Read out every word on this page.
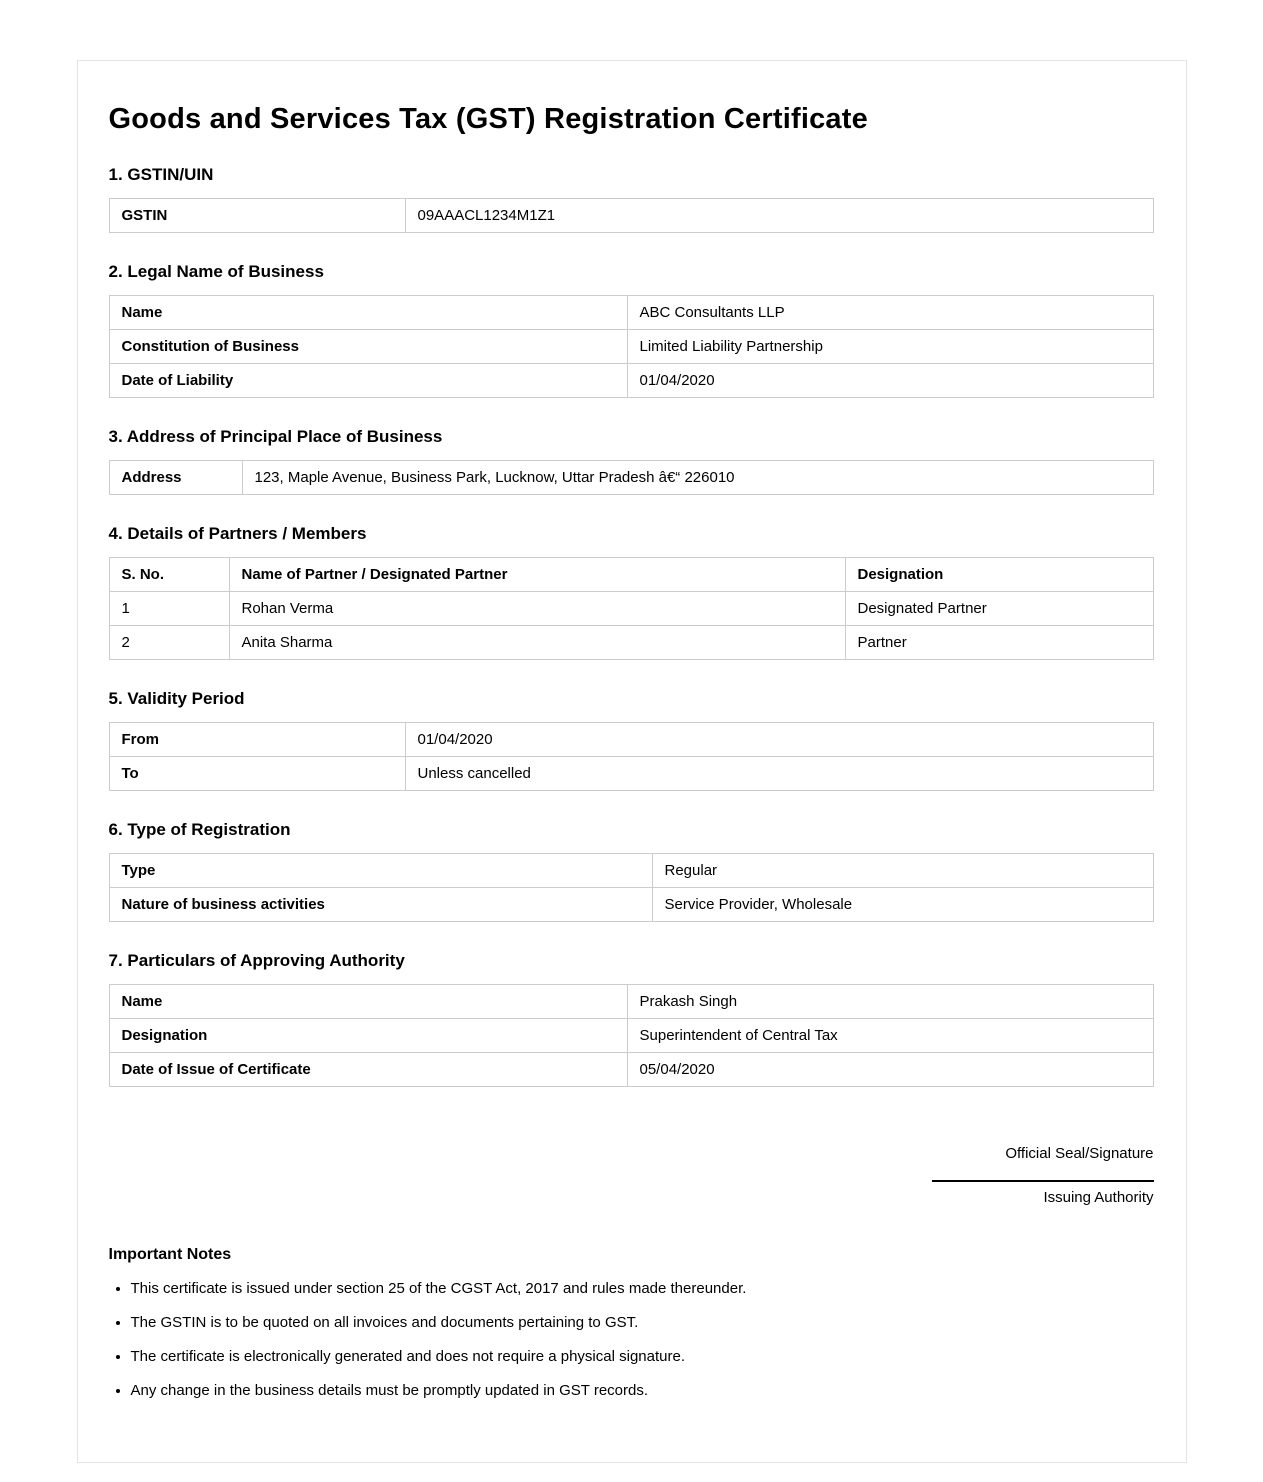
Goods and Services Tax (GST) Registration Certificate
1. GSTIN/UIN
GSTIN	09AAACL1234M1Z1
2. Legal Name of Business
Name	ABC Consultants LLP
Constitution of Business	Limited Liability Partnership
Date of Liability	01/04/2020
3. Address of Principal Place of Business
Address	123, Maple Avenue, Business Park, Lucknow, Uttar Pradesh â€“ 226010
4. Details of Partners / Members
S. No.	Name of Partner / Designated Partner	Designation
1	Rohan Verma	Designated Partner
2	Anita Sharma	Partner
5. Validity Period
From	01/04/2020
To	Unless cancelled
6. Type of Registration
Type	Regular
Nature of business activities	Service Provider, Wholesale
7. Particulars of Approving Authority
Name	Prakash Singh
Designation	Superintendent of Central Tax
Date of Issue of Certificate	05/04/2020
Official Seal/Signature
Issuing Authority
Important Notes
• This certificate is issued under section 25 of the CGST Act, 2017 and rules made thereunder.
• The GSTIN is to be quoted on all invoices and documents pertaining to GST.
• The certificate is electronically generated and does not require a physical signature.
• Any change in the business details must be promptly updated in GST records.
